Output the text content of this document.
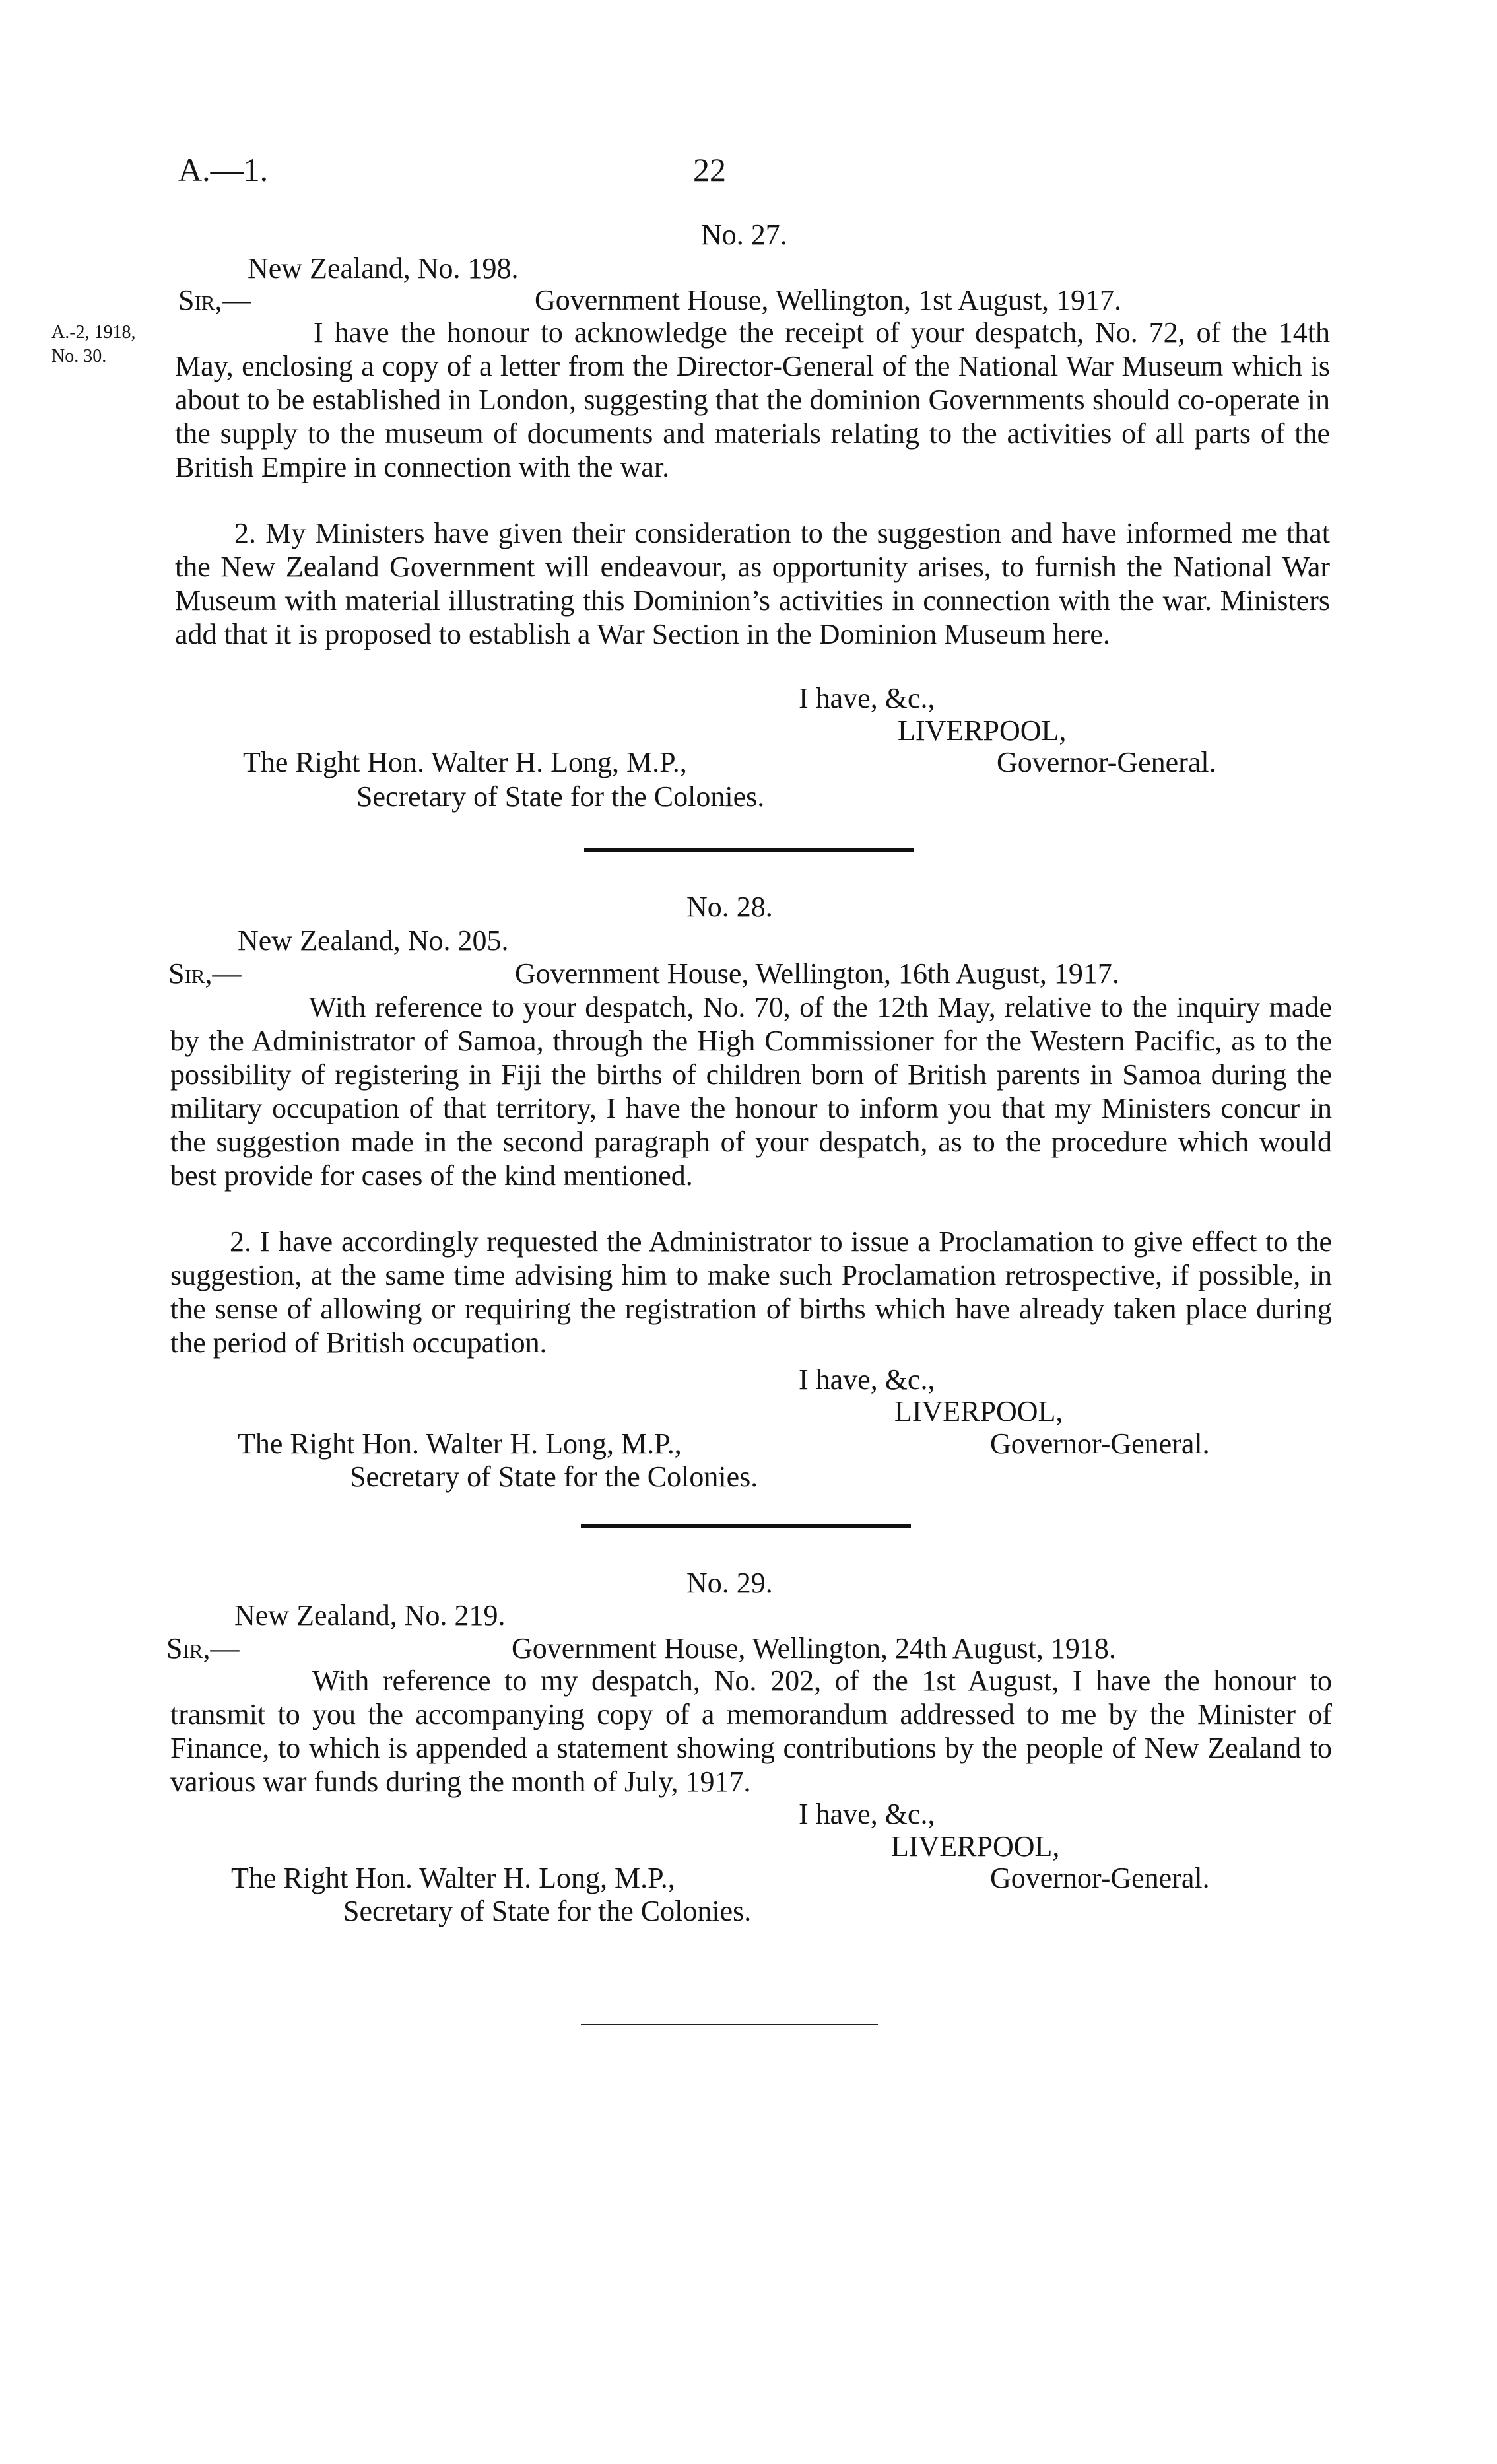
A.—1.	22
No. 27.
New Zealand, No. 198.
Sir,—	Government House, Wellington, 1st August, 1917.
A.-2, 1918,
No. 30.
I have the honour to acknowledge the receipt of your despatch, No. 72, of the 14th May, enclosing a copy of a letter from the Director-General of the National War Museum which is about to be established in London, suggesting that the dominion Governments should co-operate in the supply to the museum of documents and materials relating to the activities of all parts of the British Empire in connection with the war.
2. My Ministers have given their consideration to the suggestion and have informed me that the New Zealand Government will endeavour, as opportunity arises, to furnish the National War Museum with material illustrating this Dominion’s activities in connection with the war. Ministers add that it is proposed to establish a War Section in the Dominion Museum here.
I have, &c.,
LIVERPOOL,
The Right Hon. Walter H. Long, M.P.,	Governor-General.
Secretary of State for the Colonies.
No. 28.
New Zealand, No. 205.
Sir,—	Government House, Wellington, 16th August, 1917.
With reference to your despatch, No. 70, of the 12th May, relative to the inquiry made by the Administrator of Samoa, through the High Commissioner for the Western Pacific, as to the possibility of registering in Fiji the births of children born of British parents in Samoa during the military occupation of that territory, I have the honour to inform you that my Ministers concur in the suggestion made in the second paragraph of your despatch, as to the procedure which would best provide for cases of the kind mentioned.
2. I have accordingly requested the Administrator to issue a Proclamation to give effect to the suggestion, at the same time advising him to make such Proclamation retrospective, if possible, in the sense of allowing or requiring the registration of births which have already taken place during the period of British occupation.
I have, &c.,
LIVERPOOL,
The Right Hon. Walter H. Long, M.P.,	Governor-General.
Secretary of State for the Colonies.
No. 29.
New Zealand, No. 219.
Sir,—	Government House, Wellington, 24th August, 1918.
With reference to my despatch, No. 202, of the 1st August, I have the honour to transmit to you the accompanying copy of a memorandum addressed to me by the Minister of Finance, to which is appended a statement showing contributions by the people of New Zealand to various war funds during the month of July, 1917.
I have, &c.,
LIVERPOOL,
The Right Hon. Walter H. Long, M.P.,	Governor-General.
Secretary of State for the Colonies.
